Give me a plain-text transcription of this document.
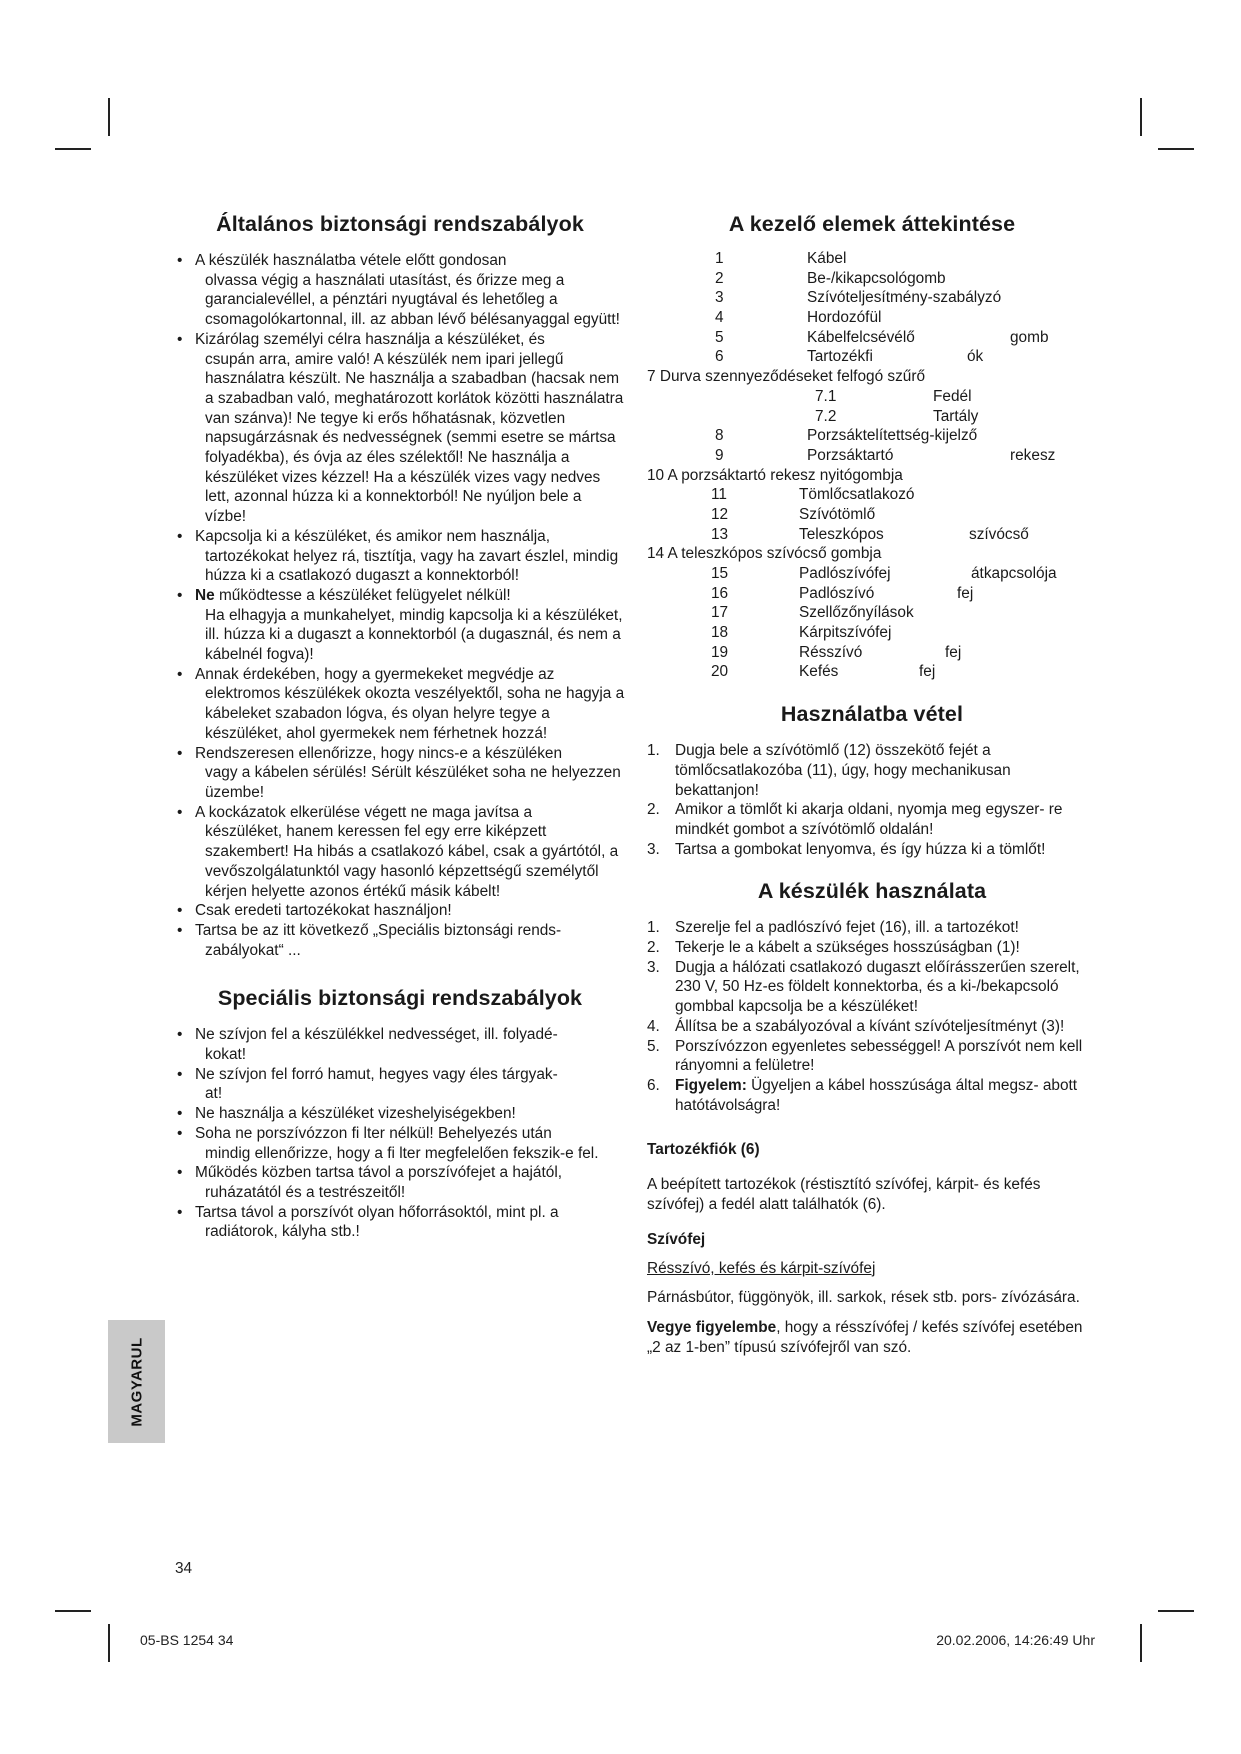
Általános biztonsági rendszabályok
• A készülék használatba vétele előtt gondosan
olvassa végig a használati utasítást, és őrizze meg a garancialevéllel, a pénztári nyugtával és lehetőleg a csomagolókartonnal, ill. az abban lévő bélésanyaggal együtt!
• Kizárólag személyi célra használja a készüléket, és
csupán arra, amire való! A készülék nem ipari jellegű használatra készült. Ne használja a szabadban (hacsak nem a szabadban való, meghatározott korlátok közötti használatra van szánva)! Ne tegye ki erős hőhatásnak, közvetlen napsugárzásnak és nedvességnek (semmi esetre se mártsa folyadékba), és óvja az éles szélektől! Ne használja a készüléket vizes kézzel! Ha a készülék vizes vagy nedves lett, azonnal húzza ki a konnektorból! Ne nyúljon bele a vízbe!
• Kapcsolja ki a készüléket, és amikor nem használja,
tartozékokat helyez rá, tisztítja, vagy ha zavart észlel, mindig húzza ki a csatlakozó dugaszt a konnektorból!
• Ne működtesse a készüléket felügyelet nélkül!
Ha elhagyja a munkahelyet, mindig kapcsolja ki a készüléket, ill. húzza ki a dugaszt a konnektorból (a dugasznál, és nem a kábelnél fogva)!
• Annak érdekében, hogy a gyermekeket megvédje az
elektromos készülékek okozta veszélyektől, soha ne hagyja a kábeleket szabadon lógva, és olyan helyre tegye a készüléket, ahol gyermekek nem férhetnek hozzá!
• Rendszeresen ellenőrizze, hogy nincs-e a készüléken
vagy a kábelen sérülés! Sérült készüléket soha ne helyezzen üzembe!
• A kockázatok elkerülése végett ne maga javítsa a
készüléket, hanem keressen fel egy erre kiképzett szakembert! Ha hibás a csatlakozó kábel, csak a gyártótól, a vevőszolgálatunktól vagy hasonló képzettségű személytől kérjen helyette azonos értékű másik kábelt!
• Csak eredeti tartozékokat használjon!
• Tartsa be az itt következő „Speciális biztonsági rends-
zabályokat“ ...
Speciális biztonsági rendszabályok
• Ne szívjon fel a készülékkel nedvességet, ill. folyadé-
kokat!
• Ne szívjon fel forró hamut, hegyes vagy éles tárgyak-
at!
• Ne használja a készüléket vizeshelyiségekben!
• Soha ne porszívózzon fi lter nélkül! Behelyezés után
mindig ellenőrizze, hogy a fi lter megfelelően fekszik-e fel.
• Működés közben tartsa távol a porszívófejet a hajától,
ruházatától és a testrészeitől!
• Tartsa távol a porszívót olyan hőforrásoktól, mint pl. a
radiátorok, kályha stb.!
A kezelő elemek áttekintése
1	Kábel
2	Be-/kikapcsológomb
3	Szívóteljesítmény-szabályzó
4	Hordozófül
5	Kábelfelcsévélő	gomb
6	Tartozékfi	ók
7 Durva szennyeződéseket felfogó szűrő
7.1	Fedél
7.2	Tartály
8	Porzsáktelítettség-kijelző
9	Porzsáktartó	rekesz
10 A porzsáktartó rekesz nyitógombja
11	Tömlőcsatlakozó
12	Szívótömlő
13	Teleszkópos	szívócső
14 A teleszkópos szívócső gombja
15	Padlószívófej	átkapcsolója
16	Padlószívó	fej
17	Szellőzőnyílások
18	Kárpitszívófej
19	Résszívó	fej
20	Kefés	fej
Használatba vétel
1. Dugja bele a szívótömlő (12) összekötő fejét a tömlőcsatlakozóba (11), úgy, hogy mechanikusan bekattanjon!
2. Amikor a tömlőt ki akarja oldani, nyomja meg egyszer- re mindkét gombot a szívótömlő oldalán!
3. Tartsa a gombokat lenyomva, és így húzza ki a tömlőt!
A készülék használata
1. Szerelje fel a padlószívó fejet (16), ill. a tartozékot!
2. Tekerje le a kábelt a szükséges hosszúságban (1)!
3. Dugja a hálózati csatlakozó dugaszt előírásszerűen szerelt, 230 V, 50 Hz-es földelt konnektorba, és a ki-/bekapcsoló gombbal kapcsolja be a készüléket!
4. Állítsa be a szabályozóval a kívánt szívóteljesítményt (3)!
5. Porszívózzon egyenletes sebességgel! A porszívót nem kell rányomni a felületre!
6. Figyelem: Ügyeljen a kábel hosszúsága által megsz- abott hatótávolságra!
Tartozékfiók (6)

A beépített tartozékok (réstisztító szívófej, kárpit- és kefés szívófej) a fedél alatt találhatók (6).

Szívófej

Résszívó, kefés és kárpit-szívófej

Párnásbútor, függönyök, ill. sarkok, rések stb. pors- zívózására.

Vegye figyelembe, hogy a résszívófej / kefés szívófej esetében „2 az 1-ben” típusú szívófejről van szó.

MAGYARUL
34
05-BS 1254 34	20.02.2006, 14:26:49 Uhr
